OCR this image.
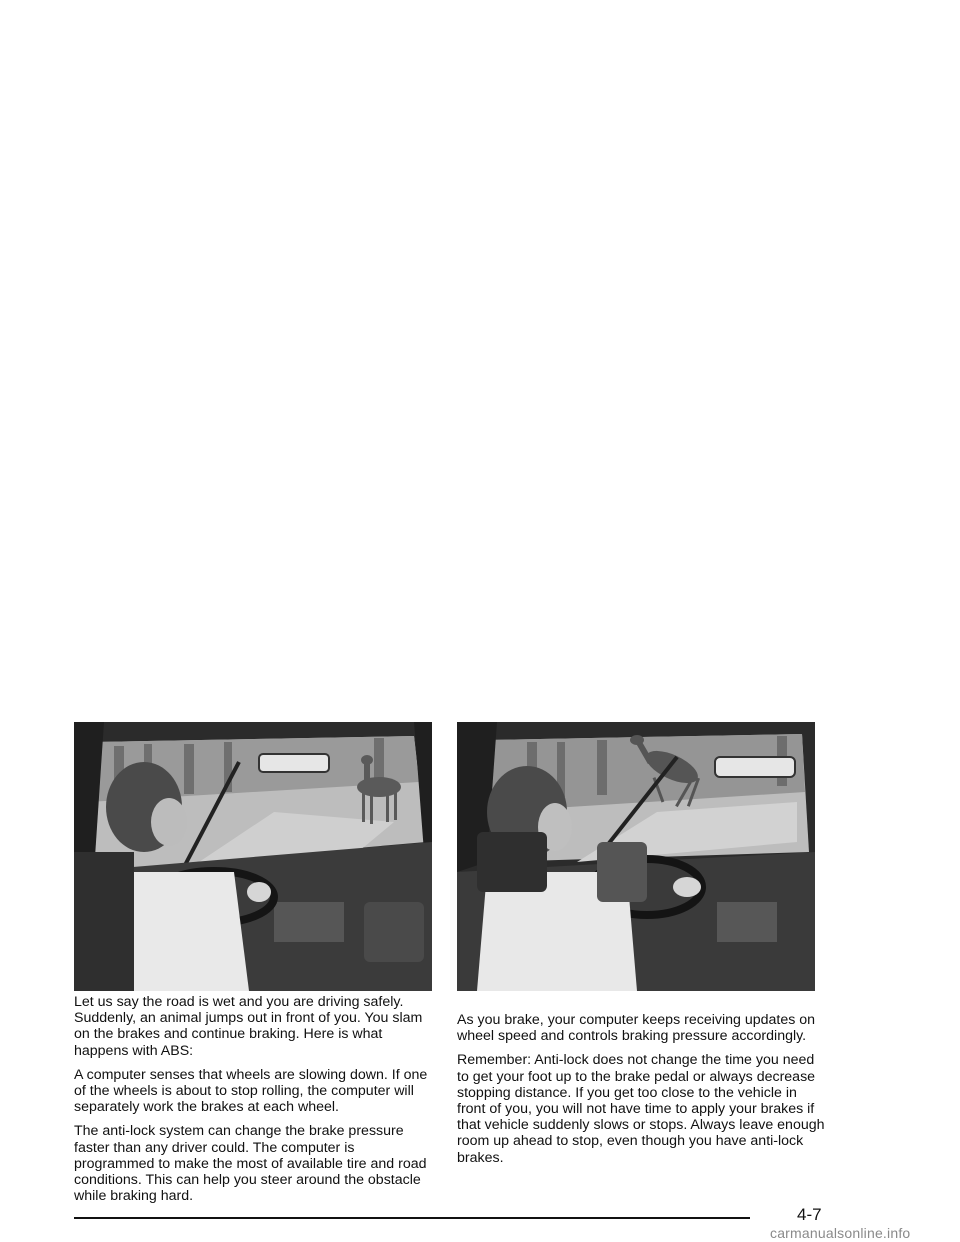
Let us say the road is wet and you are driving safely. Suddenly, an animal jumps out in front of you. You slam on the brakes and continue braking. Here is what happens with ABS:

A computer senses that wheels are slowing down. If one of the wheels is about to stop rolling, the computer will separately work the brakes at each wheel.

The anti-lock system can change the brake pressure faster than any driver could. The computer is programmed to make the most of available tire and road conditions. This can help you steer around the obstacle while braking hard.

As you brake, your computer keeps receiving updates on wheel speed and controls braking pressure accordingly.

Remember: Anti-lock does not change the time you need to get your foot up to the brake pedal or always decrease stopping distance. If you get too close to the vehicle in front of you, you will not have time to apply your brakes if that vehicle suddenly slows or stops. Always leave enough room up ahead to stop, even though you have anti-lock brakes.

4-7
carmanualsonline.info
